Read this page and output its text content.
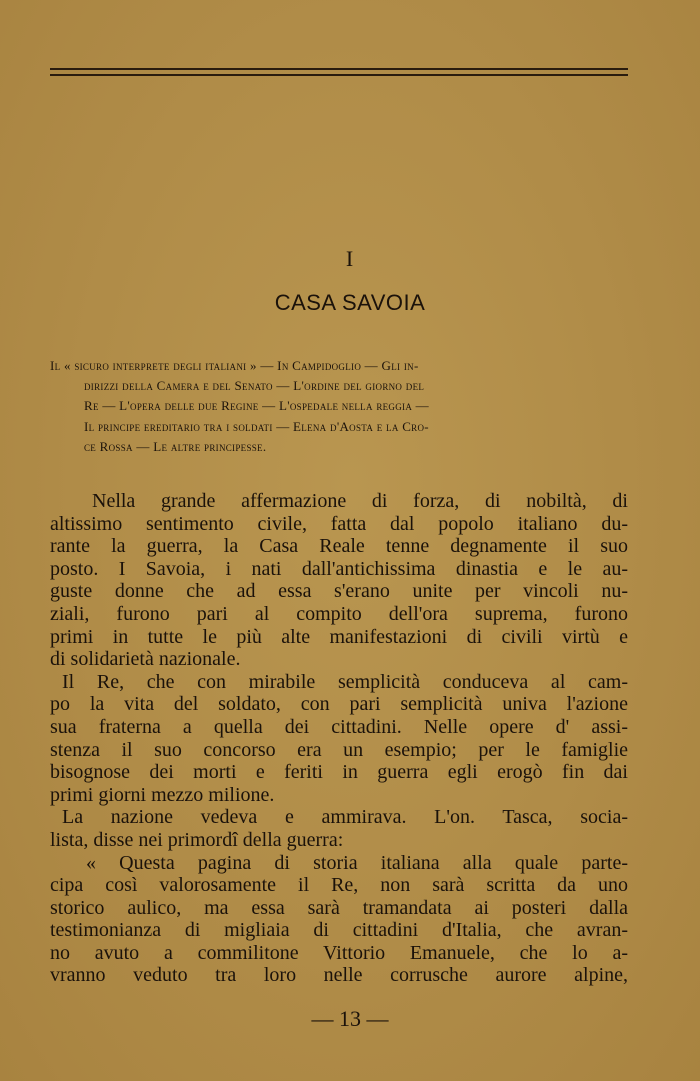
I
CASA SAVOIA
Il « sicuro interprete degli italiani » — In Campidoglio — Gli in-
dirizzi della Camera e del Senato — L'ordine del giorno del
Re — L'opera delle due Regine — L'ospedale nella reggia —
Il principe ereditario tra i soldati — Elena d'Aosta e la Cro-
ce Rossa — Le altre principesse.
Nella grande affermazione di forza, di nobiltà, di
altissimo sentimento civile, fatta dal popolo italiano du-
rante la guerra, la Casa Reale tenne degnamente il suo
posto. I Savoia, i nati dall'antichissima dinastia e le au-
guste donne che ad essa s'erano unite per vincoli nu-
ziali, furono pari al compito dell'ora suprema, furono
primi in tutte le più alte manifestazioni di civili virtù e
di solidarietà nazionale.
Il Re, che con mirabile semplicità conduceva al cam-
po la vita del soldato, con pari semplicità univa l'azione
sua fraterna a quella dei cittadini. Nelle opere d' assi-
stenza il suo concorso era un esempio; per le famiglie
bisognose dei morti e feriti in guerra egli erogò fin dai
primi giorni mezzo milione.
La nazione vedeva e ammirava. L'on. Tasca, socia-
lista, disse nei primordî della guerra:
« Questa pagina di storia italiana alla quale parte-
cipa così valorosamente il Re, non sarà scritta da uno
storico aulico, ma essa sarà tramandata ai posteri dalla
testimonianza di migliaia di cittadini d'Italia, che avran-
no avuto a commilitone Vittorio Emanuele, che lo a-
vranno veduto tra loro nelle corrusche aurore alpine,
— 13 —
